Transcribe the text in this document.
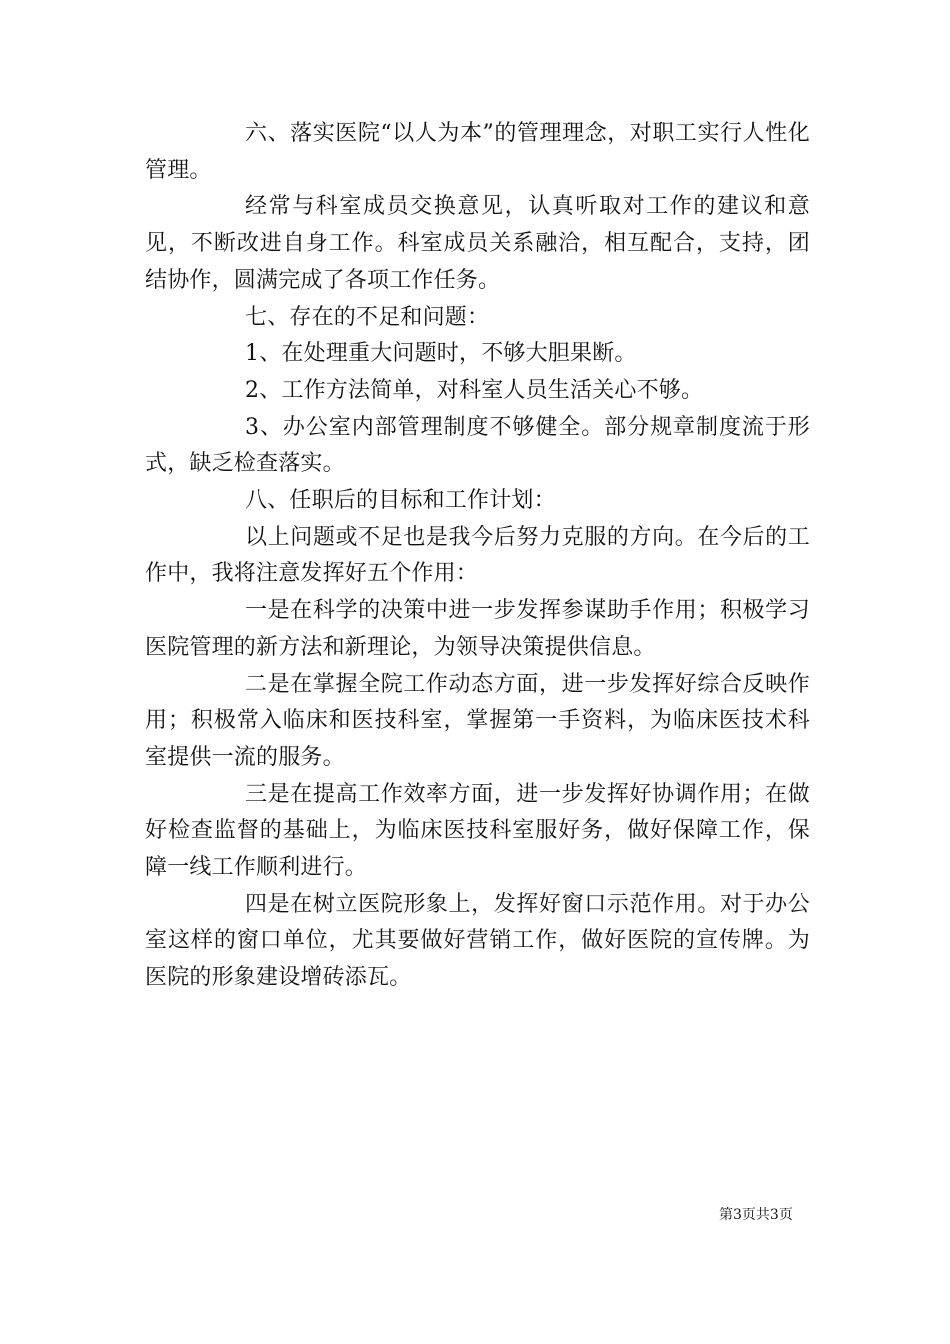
六、落实医院“以人为本”的管理理念，对职工实行人性化管理。

经常与科室成员交换意见，认真听取对工作的建议和意见，不断改进自身工作。科室成员关系融洽，相互配合，支持，团结协作，圆满完成了各项工作任务。

七、存在的不足和问题：

1、在处理重大问题时，不够大胆果断。

2、工作方法简单，对科室人员生活关心不够。

3、办公室内部管理制度不够健全。部分规章制度流于形式，缺乏检查落实。

八、任职后的目标和工作计划：

以上问题或不足也是我今后努力克服的方向。在今后的工作中，我将注意发挥好五个作用：

一是在科学的决策中进一步发挥参谋助手作用；积极学习医院管理的新方法和新理论，为领导决策提供信息。

二是在掌握全院工作动态方面，进一步发挥好综合反映作用；积极常入临床和医技科室，掌握第一手资料，为临床医技术科室提供一流的服务。

三是在提高工作效率方面，进一步发挥好协调作用；在做好检查监督的基础上，为临床医技科室服好务，做好保障工作，保障一线工作顺利进行。

四是在树立医院形象上，发挥好窗口示范作用。对于办公室这样的窗口单位，尤其要做好营销工作，做好医院的宣传牌。为医院的形象建设增砖添瓦。

第3页共3页
